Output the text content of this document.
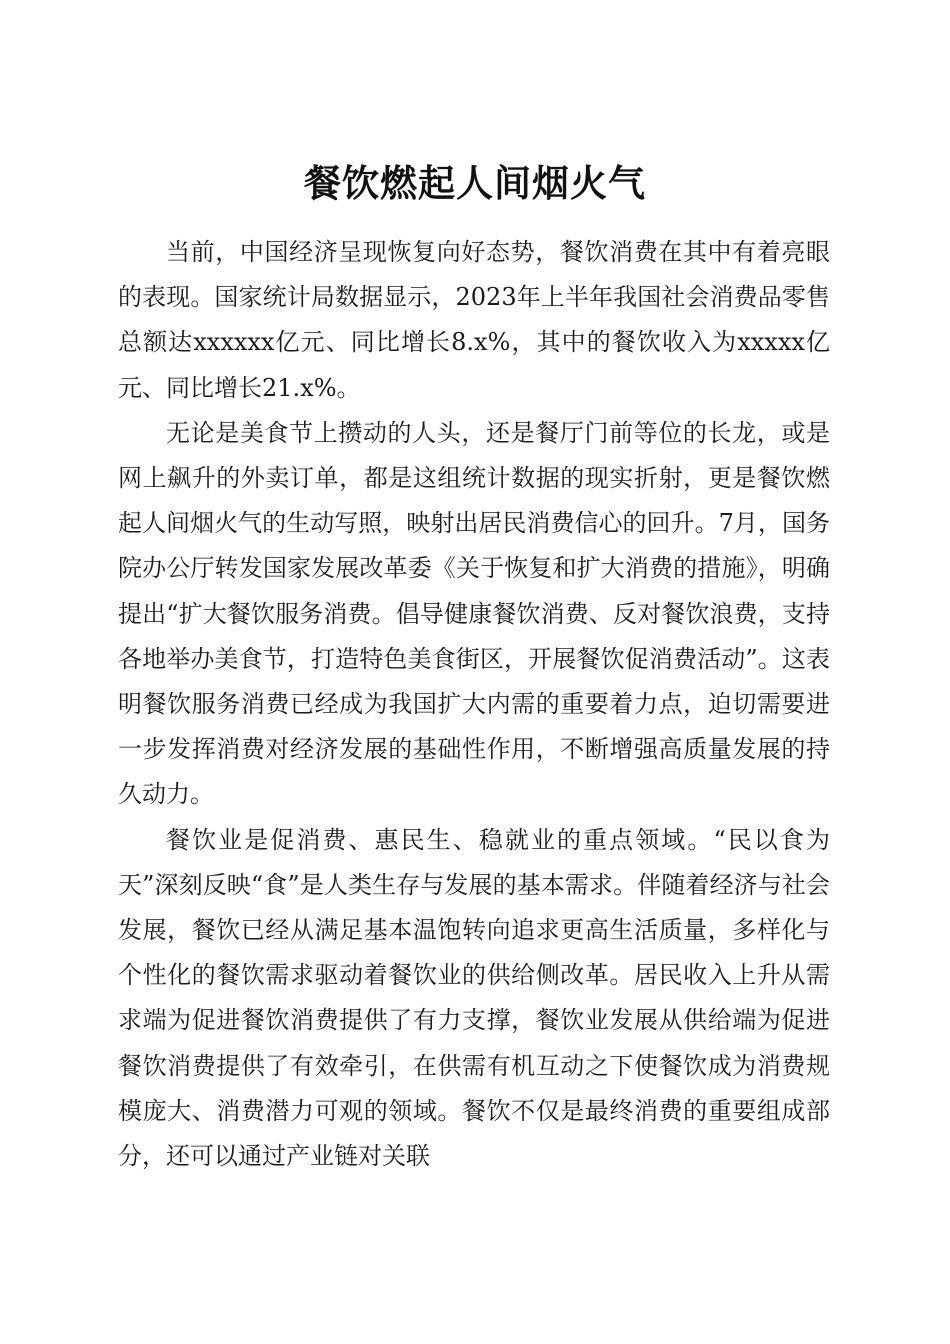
餐饮燃起人间烟火气

当前，中国经济呈现恢复向好态势，餐饮消费在其中有着亮眼的表现。国家统计局数据显示，2023年上半年我国社会消费品零售总额达xxxxxx亿元、同比增长8.x%，其中的餐饮收入为xxxxx亿元、同比增长21.x%。

无论是美食节上攒动的人头，还是餐厅门前等位的长龙，或是网上飙升的外卖订单，都是这组统计数据的现实折射，更是餐饮燃起人间烟火气的生动写照，映射出居民消费信心的回升。7月，国务院办公厅转发国家发展改革委《关于恢复和扩大消费的措施》，明确提出“扩大餐饮服务消费。倡导健康餐饮消费、反对餐饮浪费，支持各地举办美食节，打造特色美食街区，开展餐饮促消费活动”。这表明餐饮服务消费已经成为我国扩大内需的重要着力点，迫切需要进一步发挥消费对经济发展的基础性作用，不断增强高质量发展的持久动力。

餐饮业是促消费、惠民生、稳就业的重点领域。“民以食为天”深刻反映“食”是人类生存与发展的基本需求。伴随着经济与社会发展，餐饮已经从满足基本温饱转向追求更高生活质量，多样化与个性化的餐饮需求驱动着餐饮业的供给侧改革。居民收入上升从需求端为促进餐饮消费提供了有力支撑，餐饮业发展从供给端为促进餐饮消费提供了有效牵引，在供需有机互动之下使餐饮成为消费规模庞大、消费潜力可观的领域。餐饮不仅是最终消费的重要组成部分，还可以通过产业链对关联
